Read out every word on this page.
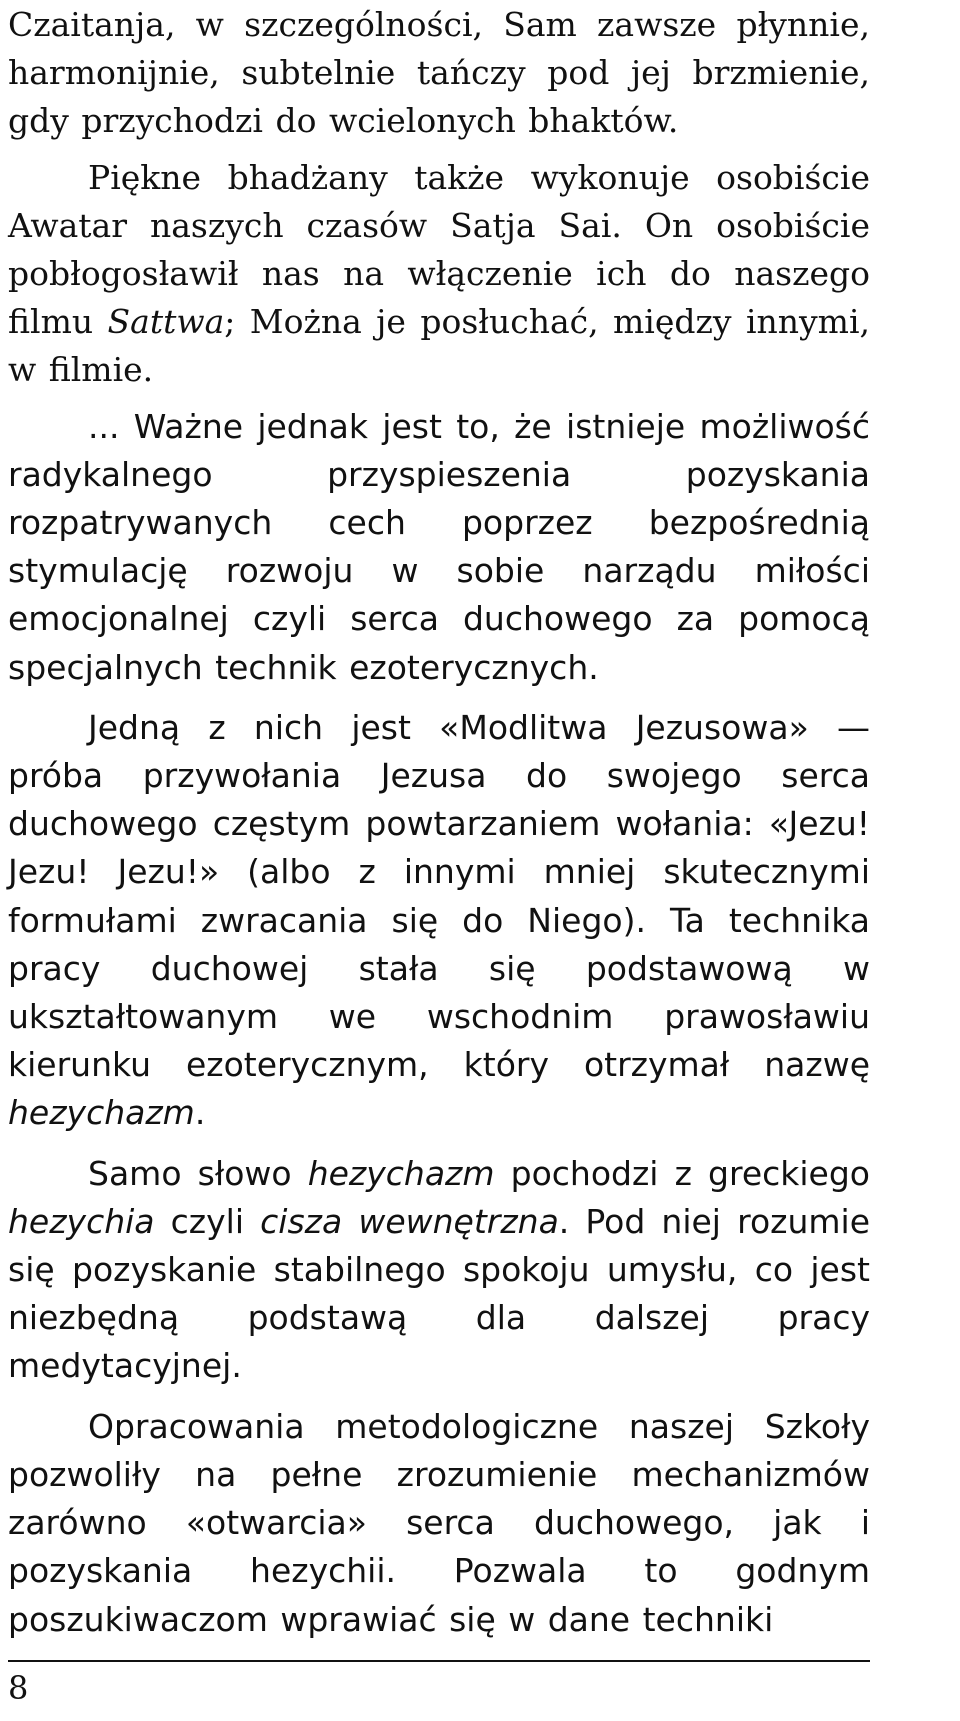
Czaitanja, w szczególności, Sam zawsze płynnie, harmonijnie, subtelnie tańczy pod jej brzmienie, gdy przychodzi do wcielonych bhaktów.

Piękne bhadżany także wykonuje osobiście Awatar naszych czasów Satja Sai. On osobiście pobłogosławił nas na włączenie ich do naszego filmu Sattwa; Można je posłuchać, między innymi, w filmie.

... Ważne jednak jest to, że istnieje możliwość radykalnego przyspieszenia pozyskania rozpatrywanych cech poprzez bezpośrednią stymulację rozwoju w sobie narządu miłości emocjonalnej czyli serca duchowego za pomocą specjalnych technik ezoterycznych.

Jedną z nich jest «Modlitwa Jezusowa» — próba przywołania Jezusa do swojego serca duchowego częstym powtarzaniem wołania: «Jezu! Jezu! Jezu!» (albo z innymi mniej skutecznymi formułami zwracania się do Niego). Ta technika pracy duchowej stała się podstawową w ukształtowanym we wschodnim prawosławiu kierunku ezoterycznym, który otrzymał nazwę hezychazm.

Samo słowo hezychazm pochodzi z greckiego hezychia czyli cisza wewnętrzna. Pod niej rozumie się pozyskanie stabilnego spokoju umysłu, co jest niezbędną podstawą dla dalszej pracy medytacyjnej.

Opracowania metodologiczne naszej Szkoły pozwoliły na pełne zrozumienie mechanizmów zarówno «otwarcia» serca duchowego, jak i pozyskania hezychii. Pozwala to godnym poszukiwaczom wprawiać się w dane techniki

8
